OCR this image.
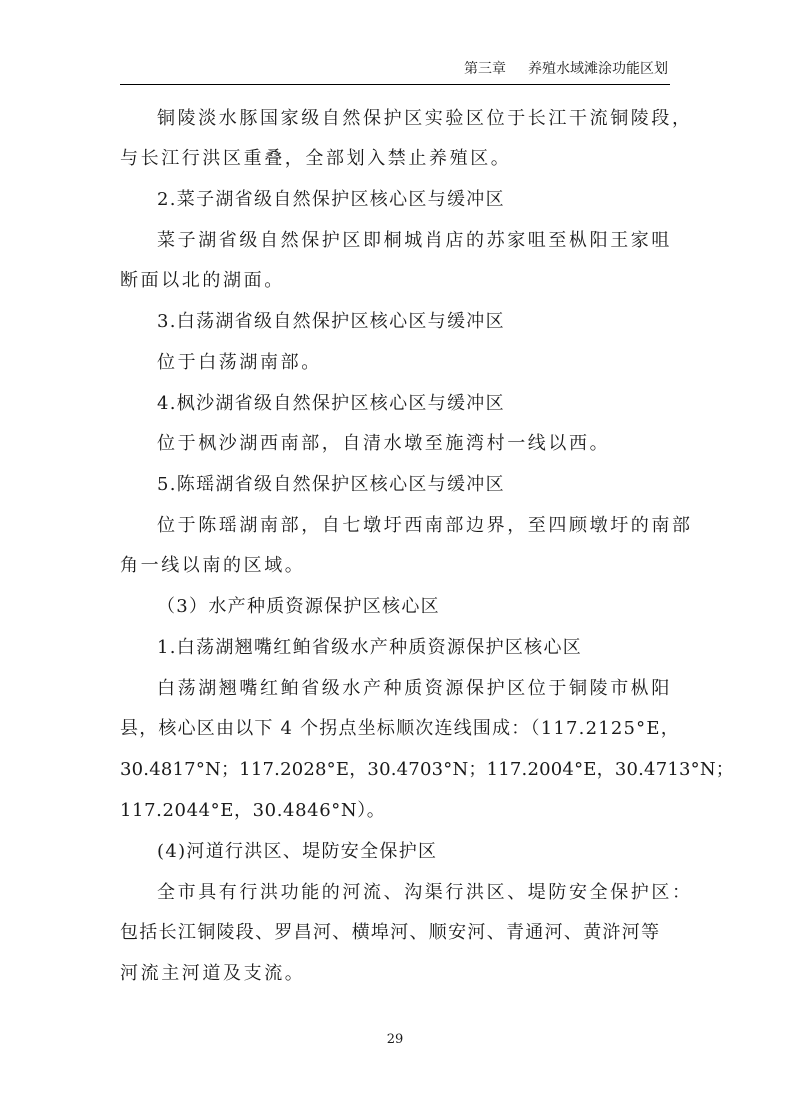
第三章 养殖水域滩涂功能区划
铜陵淡水豚国家级自然保护区实验区位于长江干流铜陵段，
与长江行洪区重叠，全部划入禁止养殖区。
2.菜子湖省级自然保护区核心区与缓冲区
菜子湖省级自然保护区即桐城肖店的苏家咀至枞阳王家咀
断面以北的湖面。
3.白荡湖省级自然保护区核心区与缓冲区
位于白荡湖南部。
4.枫沙湖省级自然保护区核心区与缓冲区
位于枫沙湖西南部，自清水墩至施湾村一线以西。
5.陈瑶湖省级自然保护区核心区与缓冲区
位于陈瑶湖南部，自七墩圩西南部边界，至四顾墩圩的南部
角一线以南的区域。
（3）水产种质资源保护区核心区
1.白荡湖翘嘴红鲌省级水产种质资源保护区核心区
白荡湖翘嘴红鲌省级水产种质资源保护区位于铜陵市枞阳
县，核心区由以下 4 个拐点坐标顺次连线围成：（117.2125°E，
30.4817°N；117.2028°E，30.4703°N；117.2004°E，30.4713°N；
117.2044°E，30.4846°N）。
(4)河道行洪区、堤防安全保护区
全市具有行洪功能的河流、沟渠行洪区、堤防安全保护区：
包括长江铜陵段、罗昌河、横埠河、顺安河、青通河、黄浒河等
河流主河道及支流。
29
